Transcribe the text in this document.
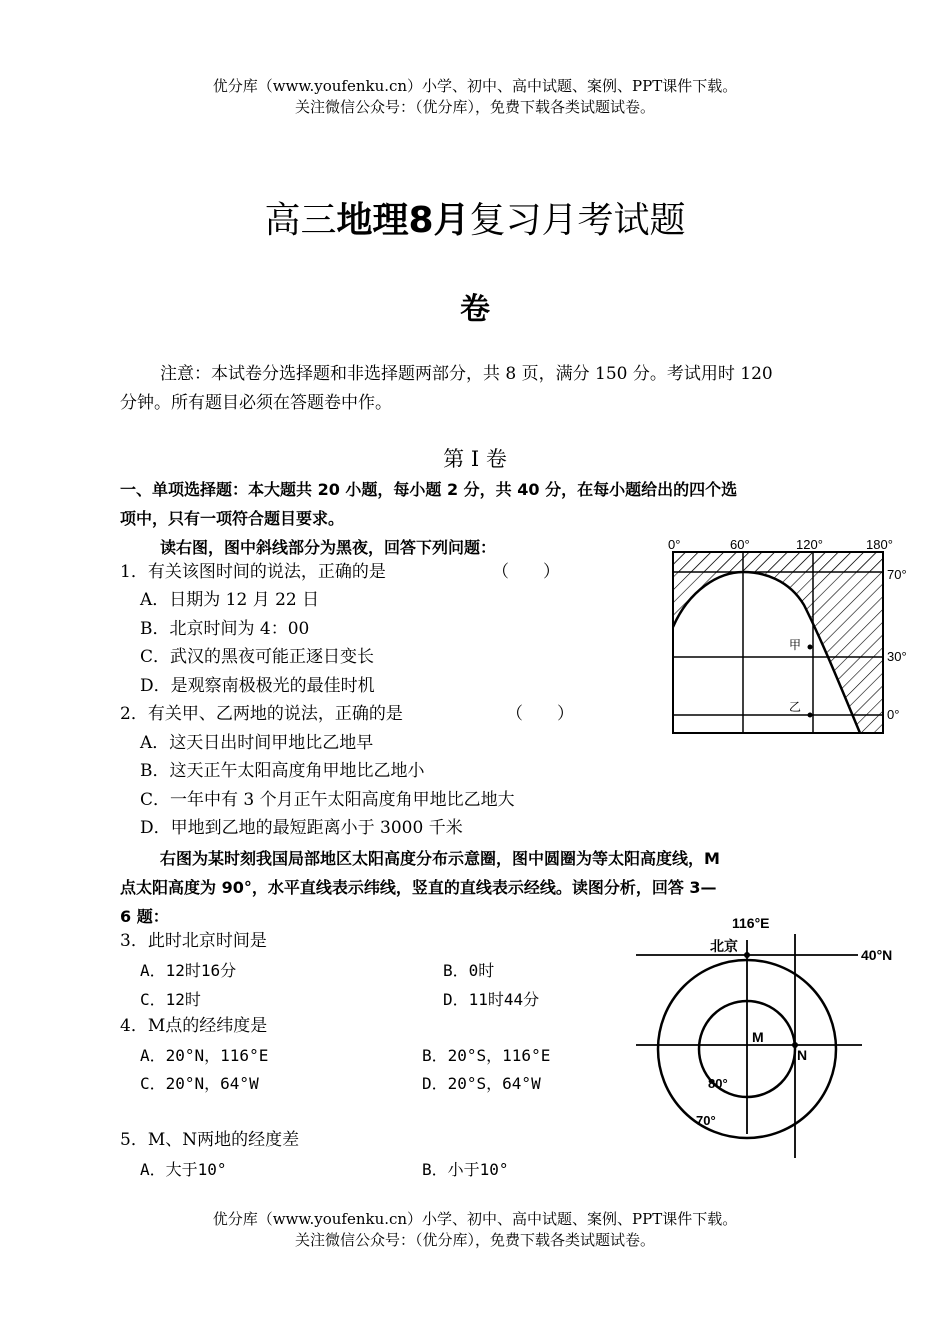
优分库（www.youfenku.cn）小学、初中、高中试题、案例、PPT课件下载。
关注微信公众号：（优分库），免费下载各类试题试卷。
高三地理8月复习月考试题
卷
注意：本试卷分选择题和非选择题两部分，共 8 页，满分 150 分。考试用时 120
分钟。所有题目必须在答题卷中作。
第 I 卷
一、单项选择题：本大题共 20 小题，每小题 2 分，共 40 分，在每小题给出的四个选
项中，只有一项符合题目要求。
读右图，图中斜线部分为黑夜，回答下列问题：
1．有关该图时间的说法，正确的是	（　　）
A．日期为 12 月 22 日
B．北京时间为 4：00
C．武汉的黑夜可能正逐日变长
D．是观察南极极光的最佳时机
2．有关甲、乙两地的说法，正确的是	（　　）
A．这天日出时间甲地比乙地早
B．这天正午太阳高度角甲地比乙地小
C．一年中有 3 个月正午太阳高度角甲地比乙地大
D．甲地到乙地的最短距离小于 3000 千米
右图为某时刻我国局部地区太阳高度分布示意圈，图中圆圈为等太阳高度线，M
点太阳高度为 90°，水平直线表示纬线，竖直的直线表示经线。读图分析，回答 3—
6 题：
3．此时北京时间是
A．12时16分	B．0时
C．12时	D．11时44分
4．M点的经纬度是
A．20°N，116°E	B．20°S，116°E
C．20°N，64°W	D．20°S，64°W
5．M、N两地的经度差
A．大于10°	B．小于10°
优分库（www.youfenku.cn）小学、初中、高中试题、案例、PPT课件下载。
关注微信公众号：（优分库），免费下载各类试题试卷。
0°	60°	120°	180°
70°
30°
0°
甲
乙
116°E
北京
40°N
M
N
80°
70°
